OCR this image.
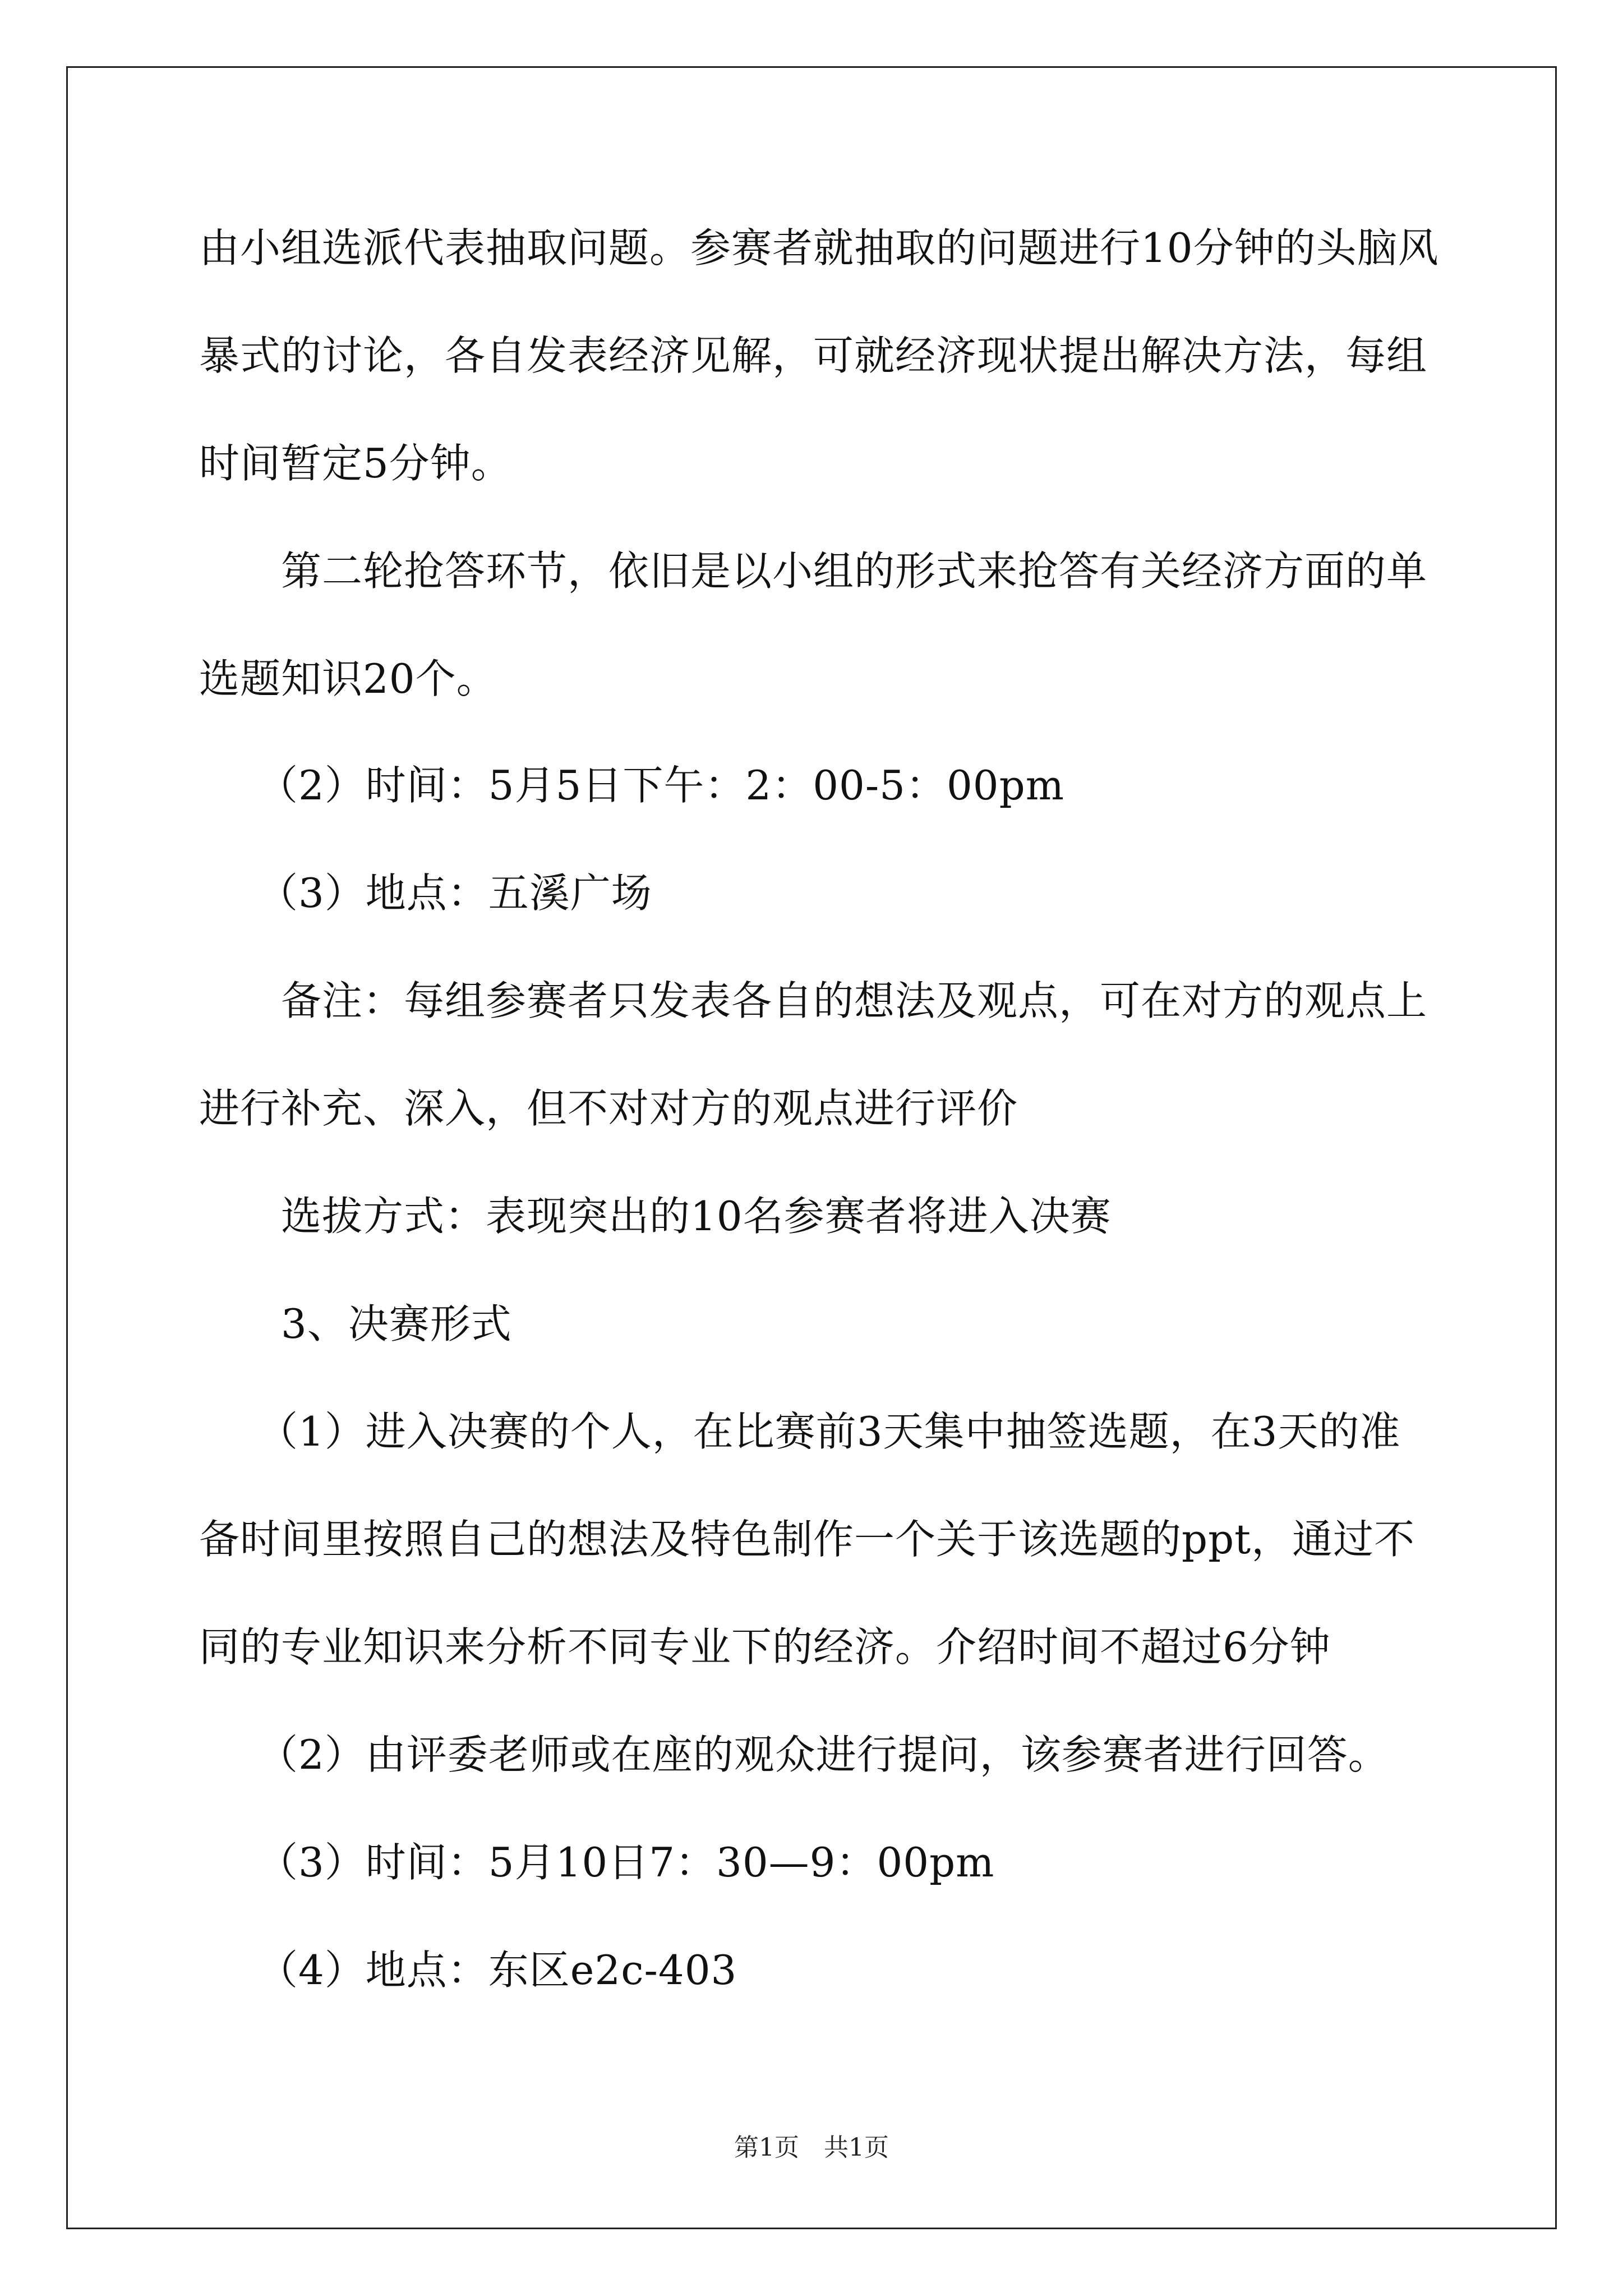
由小组选派代表抽取问题。参赛者就抽取的问题进行10分钟的头脑风
暴式的讨论，各自发表经济见解，可就经济现状提出解决方法，每组
时间暂定5分钟。
第二轮抢答环节，依旧是以小组的形式来抢答有关经济方面的单
选题知识20个。
（2）时间：5月5日下午：2：00-5：00pm
（3）地点：五溪广场
备注：每组参赛者只发表各自的想法及观点，可在对方的观点上
进行补充、深入，但不对对方的观点进行评价
选拔方式：表现突出的10名参赛者将进入决赛
3、决赛形式
（1）进入决赛的个人，在比赛前3天集中抽签选题，在3天的准
备时间里按照自己的想法及特色制作一个关于该选题的ppt，通过不
同的专业知识来分析不同专业下的经济。介绍时间不超过6分钟
（2）由评委老师或在座的观众进行提问，该参赛者进行回答。
（3）时间：5月10日7：30—9：00pm
（4）地点：东区e2c-403
第1页　共1页
